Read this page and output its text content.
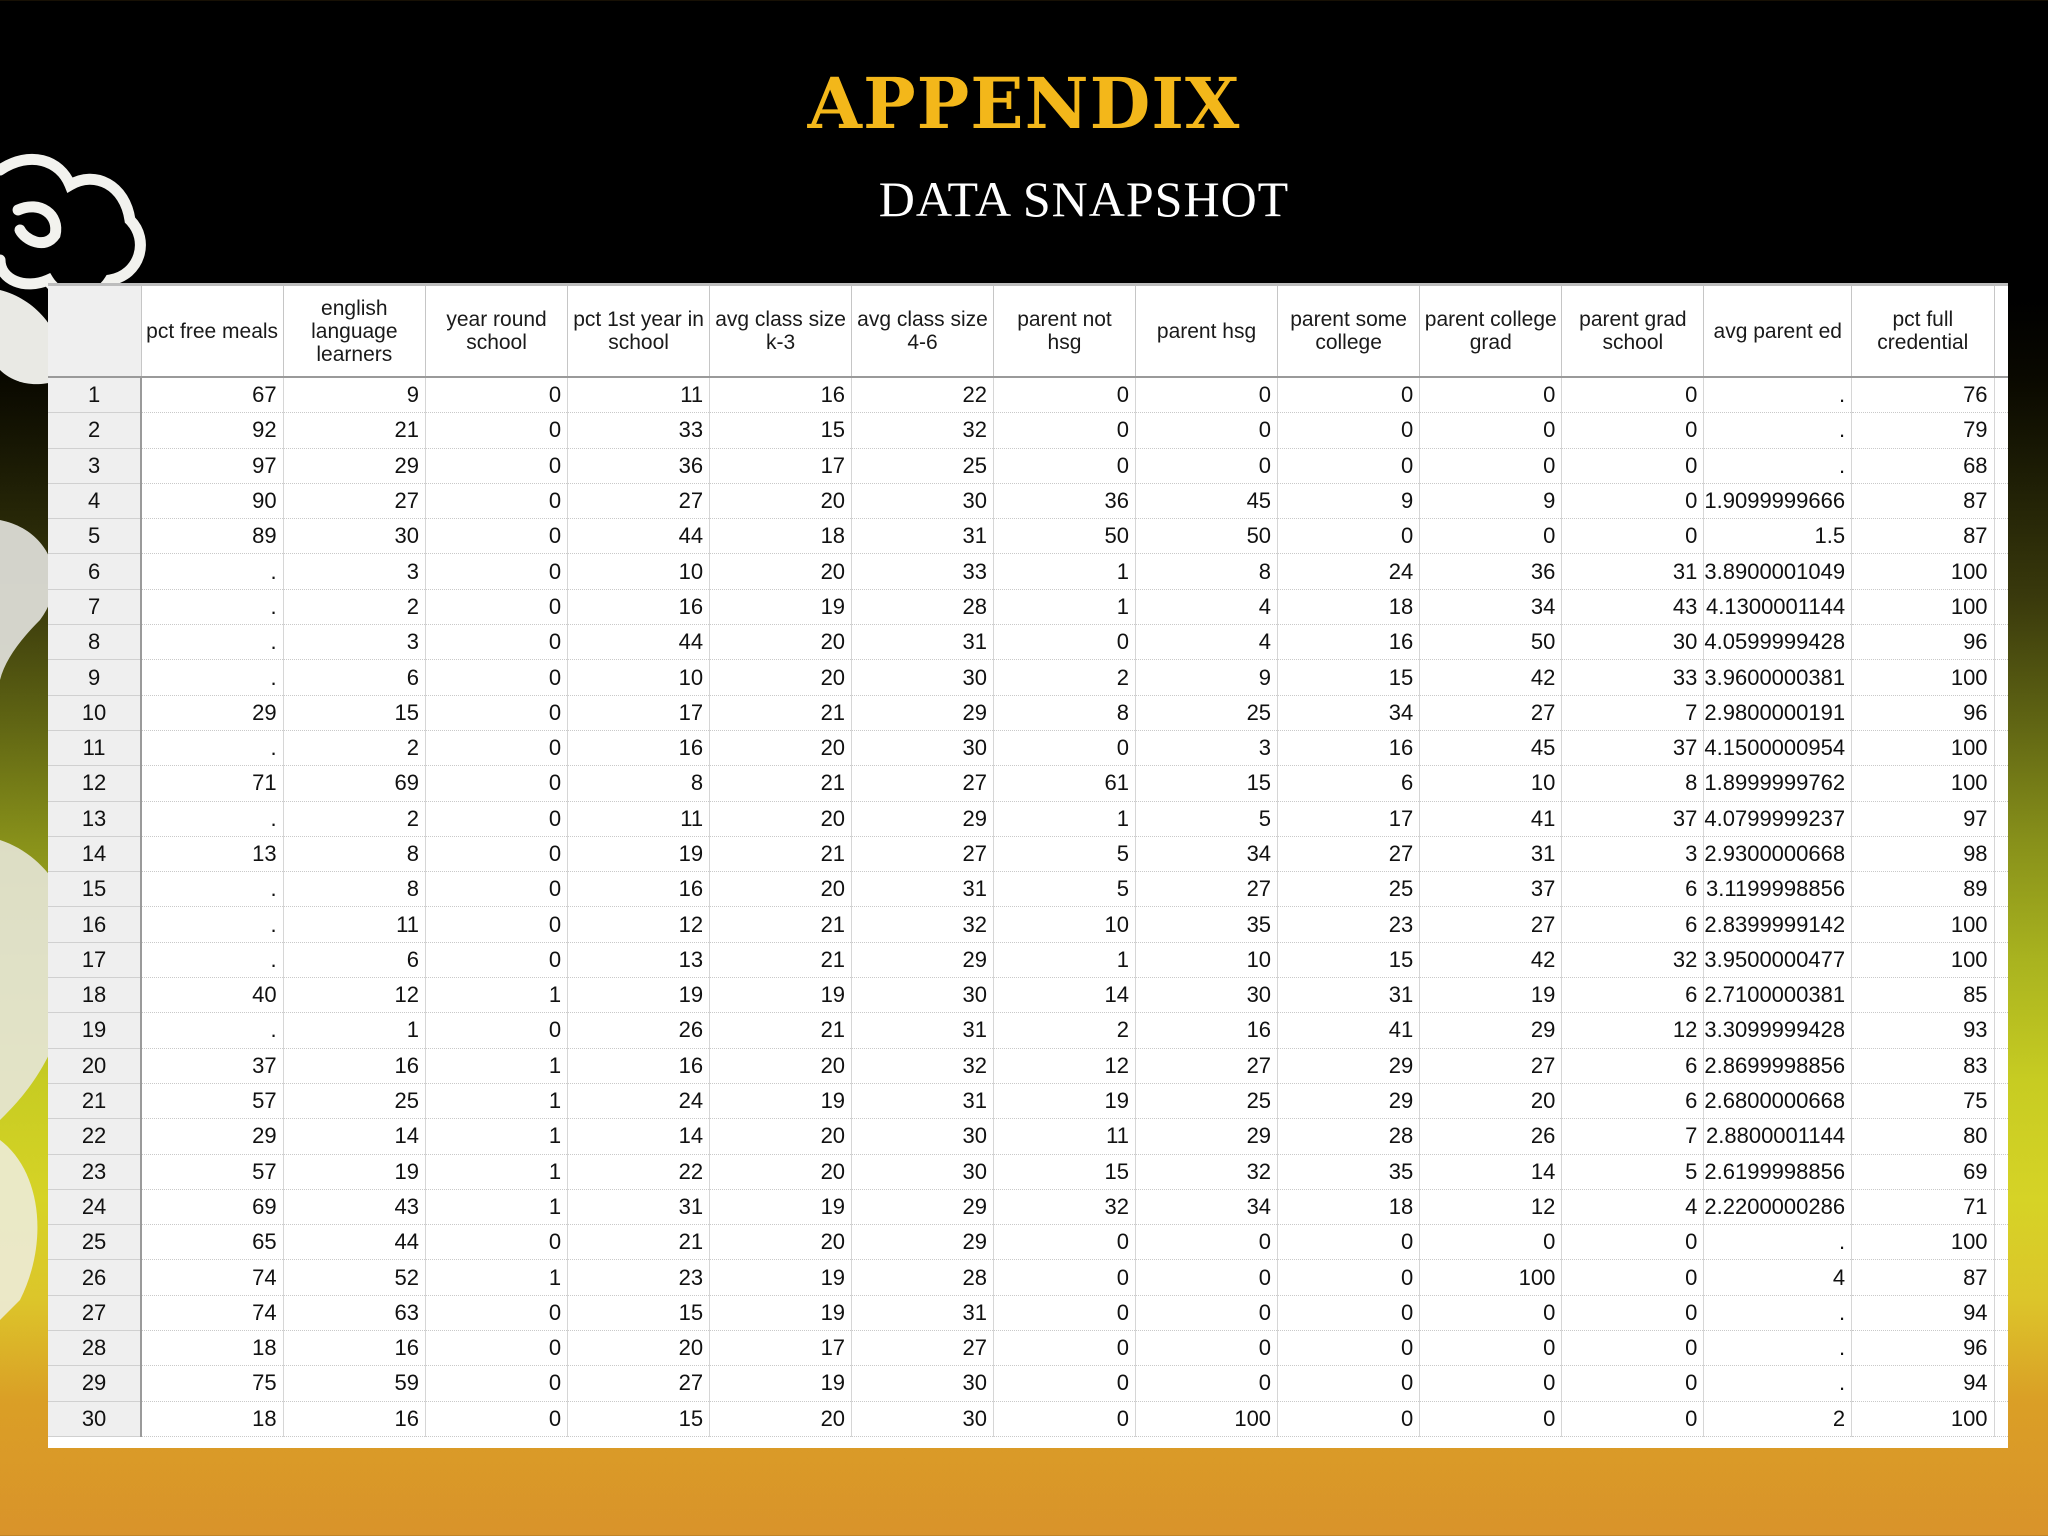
APPENDIX
DATA SNAPSHOT
	pct free meals	english language learners	year round school	pct 1st year in school	avg class size k-3	avg class size 4-6	parent not hsg	parent hsg	parent some college	parent college grad	parent grad school	avg parent ed	pct full credential	
1	67	9	0	11	16	22	0	0	0	0	0	.	76	
2	92	21	0	33	15	32	0	0	0	0	0	.	79	
3	97	29	0	36	17	25	0	0	0	0	0	.	68	
4	90	27	0	27	20	30	36	45	9	9	0	1.9099999666	87	
5	89	30	0	44	18	31	50	50	0	0	0	1.5	87	
6	.	3	0	10	20	33	1	8	24	36	31	3.8900001049	100	
7	.	2	0	16	19	28	1	4	18	34	43	4.1300001144	100	
8	.	3	0	44	20	31	0	4	16	50	30	4.0599999428	96	
9	.	6	0	10	20	30	2	9	15	42	33	3.9600000381	100	
10	29	15	0	17	21	29	8	25	34	27	7	2.9800000191	96	
11	.	2	0	16	20	30	0	3	16	45	37	4.1500000954	100	
12	71	69	0	8	21	27	61	15	6	10	8	1.8999999762	100	
13	.	2	0	11	20	29	1	5	17	41	37	4.0799999237	97	
14	13	8	0	19	21	27	5	34	27	31	3	2.9300000668	98	
15	.	8	0	16	20	31	5	27	25	37	6	3.1199998856	89	
16	.	11	0	12	21	32	10	35	23	27	6	2.8399999142	100	
17	.	6	0	13	21	29	1	10	15	42	32	3.9500000477	100	
18	40	12	1	19	19	30	14	30	31	19	6	2.7100000381	85	
19	.	1	0	26	21	31	2	16	41	29	12	3.3099999428	93	
20	37	16	1	16	20	32	12	27	29	27	6	2.8699998856	83	
21	57	25	1	24	19	31	19	25	29	20	6	2.6800000668	75	
22	29	14	1	14	20	30	11	29	28	26	7	2.8800001144	80	
23	57	19	1	22	20	30	15	32	35	14	5	2.6199998856	69	
24	69	43	1	31	19	29	32	34	18	12	4	2.2200000286	71	
25	65	44	0	21	20	29	0	0	0	0	0	.	100	
26	74	52	1	23	19	28	0	0	0	100	0	4	87	
27	74	63	0	15	19	31	0	0	0	0	0	.	94	
28	18	16	0	20	17	27	0	0	0	0	0	.	96	
29	75	59	0	27	19	30	0	0	0	0	0	.	94	
30	18	16	0	15	20	30	0	100	0	0	0	2	100	
